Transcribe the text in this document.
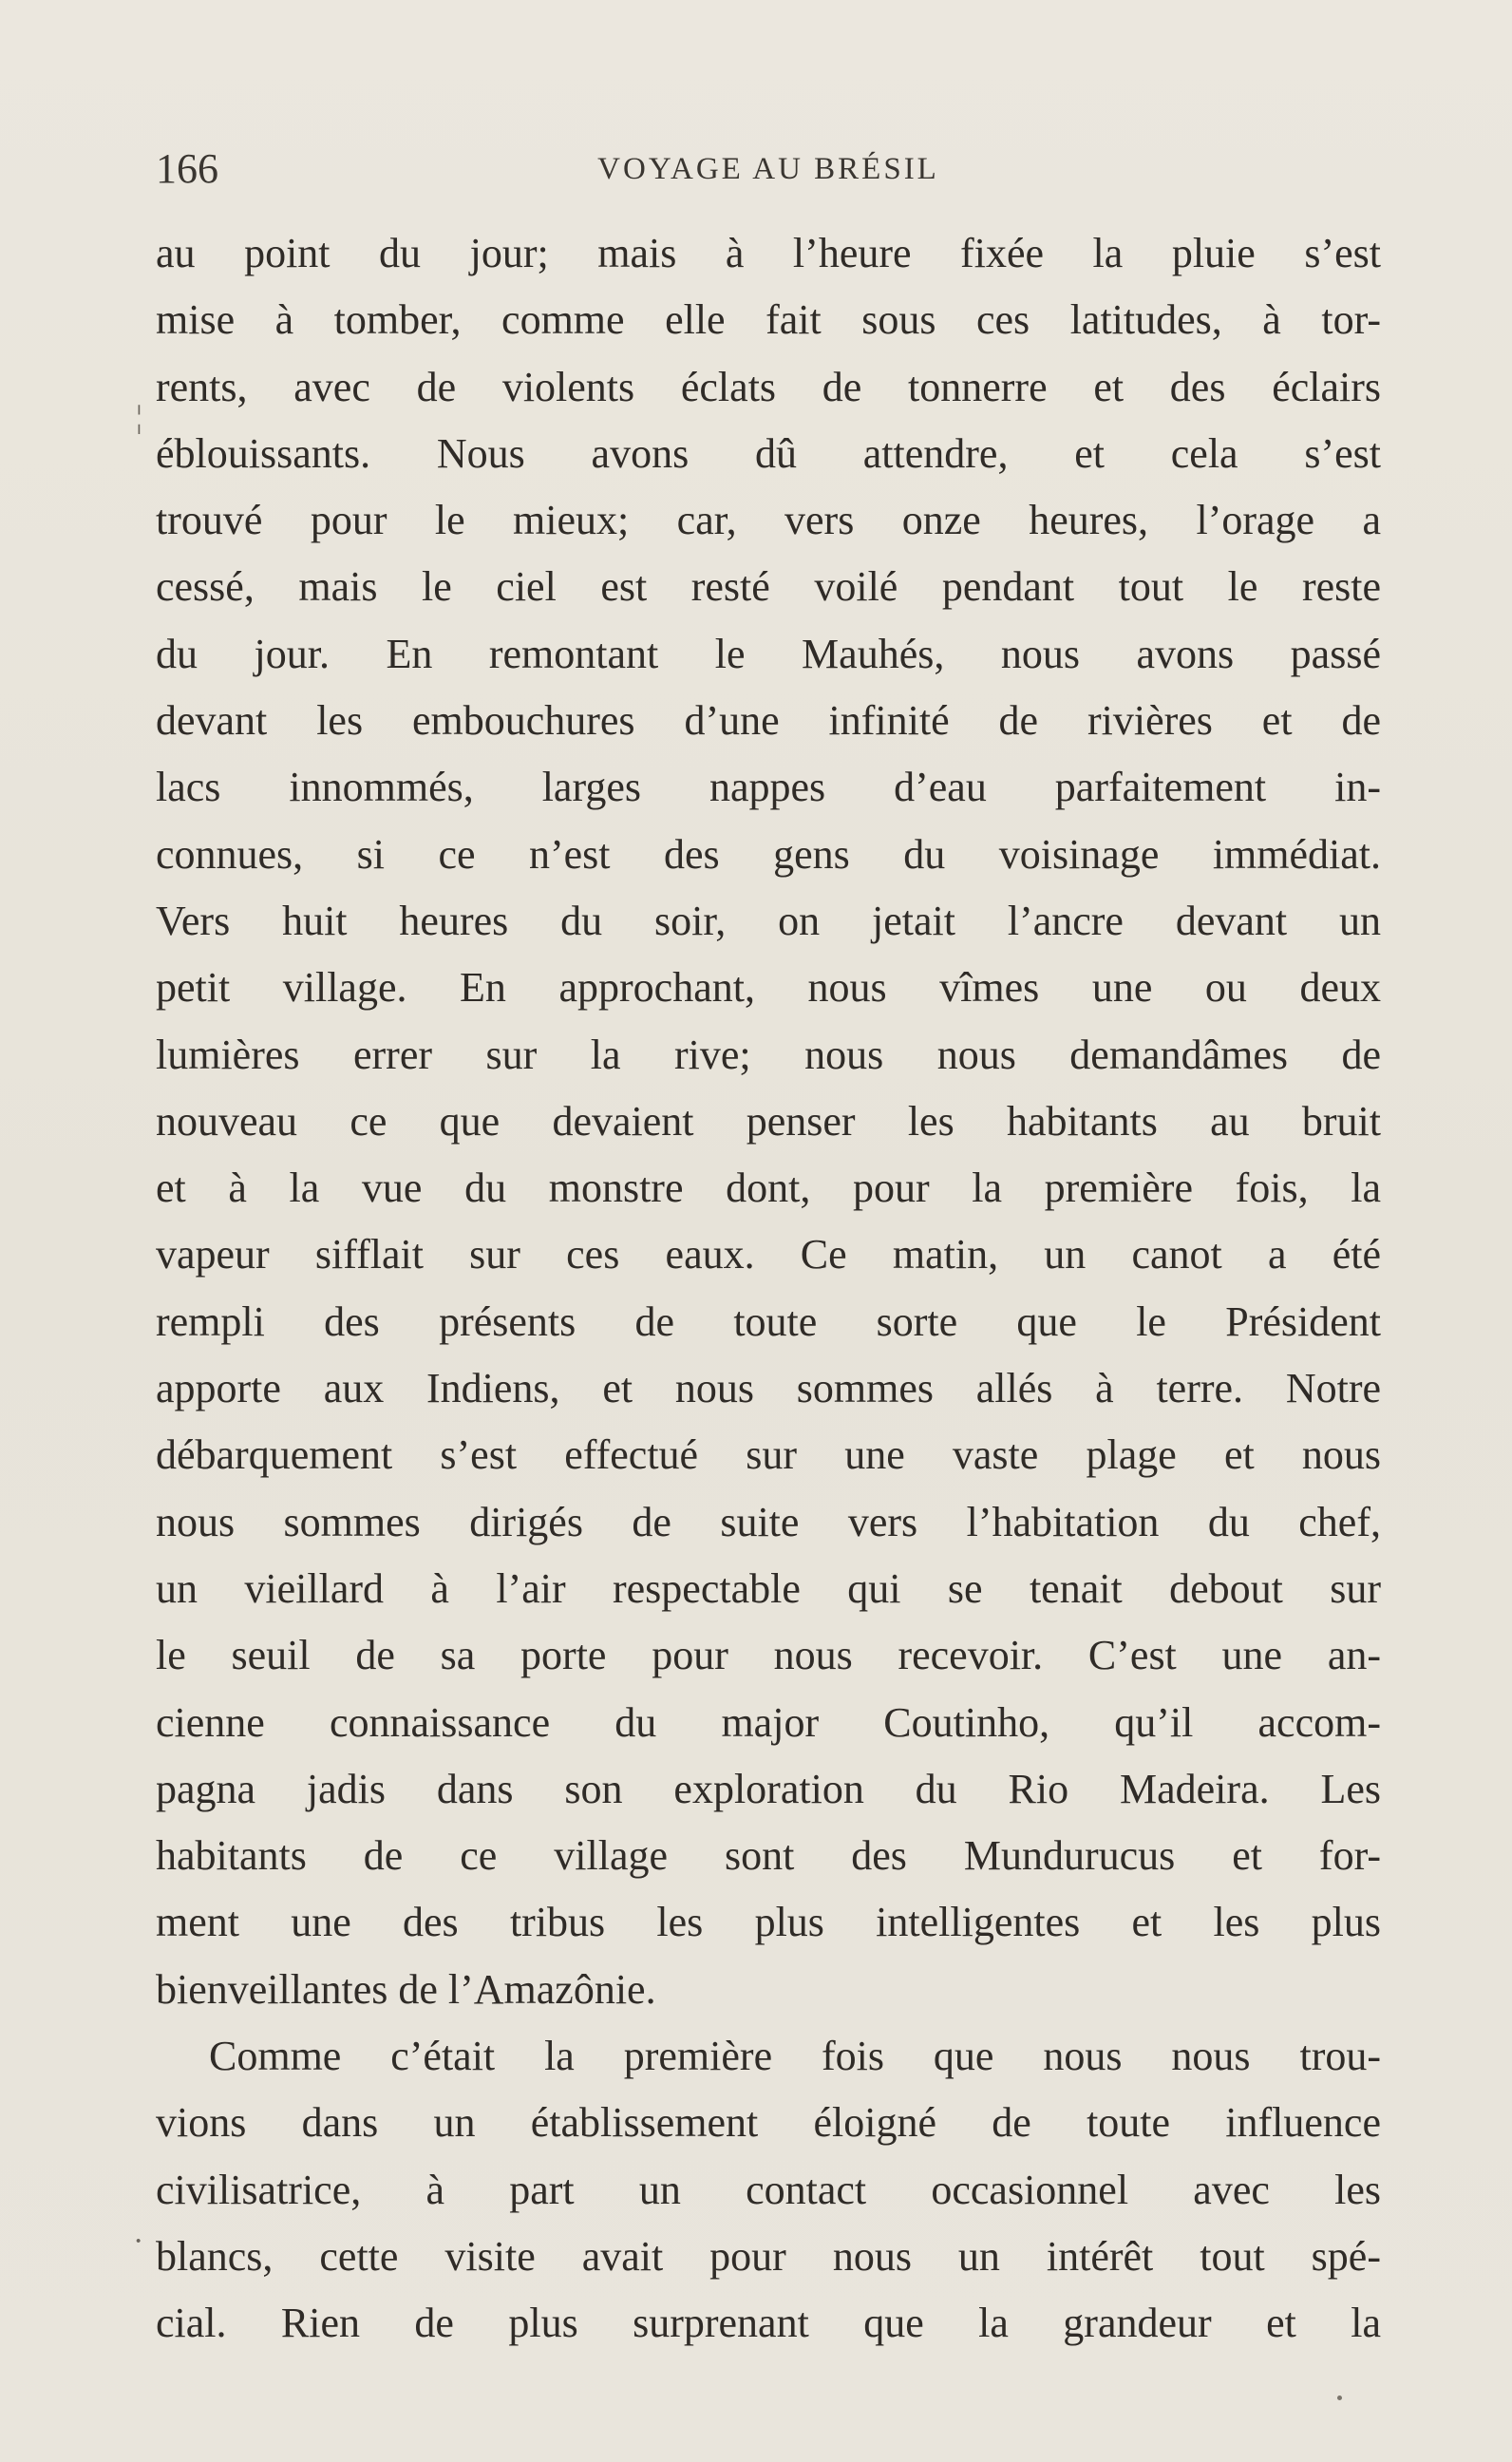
166	VOYAGE AU BRÉSIL
au point du jour; mais à l’heure fixée la pluie s’est
mise à tomber, comme elle fait sous ces latitudes, à tor-
rents, avec de violents éclats de tonnerre et des éclairs
éblouissants. Nous avons dû attendre, et cela s’est
trouvé pour le mieux; car, vers onze heures, l’orage a
cessé, mais le ciel est resté voilé pendant tout le reste
du jour. En remontant le Mauhés, nous avons passé
devant les embouchures d’une infinité de rivières et de
lacs innommés, larges nappes d’eau parfaitement in-
connues, si ce n’est des gens du voisinage immédiat.
Vers huit heures du soir, on jetait l’ancre devant un
petit village. En approchant, nous vîmes une ou deux
lumières errer sur la rive; nous nous demandâmes de
nouveau ce que devaient penser les habitants au bruit
et à la vue du monstre dont, pour la première fois, la
vapeur sifflait sur ces eaux. Ce matin, un canot a été
rempli des présents de toute sorte que le Président
apporte aux Indiens, et nous sommes allés à terre. Notre
débarquement s’est effectué sur une vaste plage et nous
nous sommes dirigés de suite vers l’habitation du chef,
un vieillard à l’air respectable qui se tenait debout sur
le seuil de sa porte pour nous recevoir. C’est une an-
cienne connaissance du major Coutinho, qu’il accom-
pagna jadis dans son exploration du Rio Madeira. Les
habitants de ce village sont des Mundurucus et for-
ment une des tribus les plus intelligentes et les plus
bienveillantes de l’Amazônie.
Comme c’était la première fois que nous nous trou-
vions dans un établissement éloigné de toute influence
civilisatrice, à part un contact occasionnel avec les
blancs, cette visite avait pour nous un intérêt tout spé-
cial. Rien de plus surprenant que la grandeur et la
¦
·
